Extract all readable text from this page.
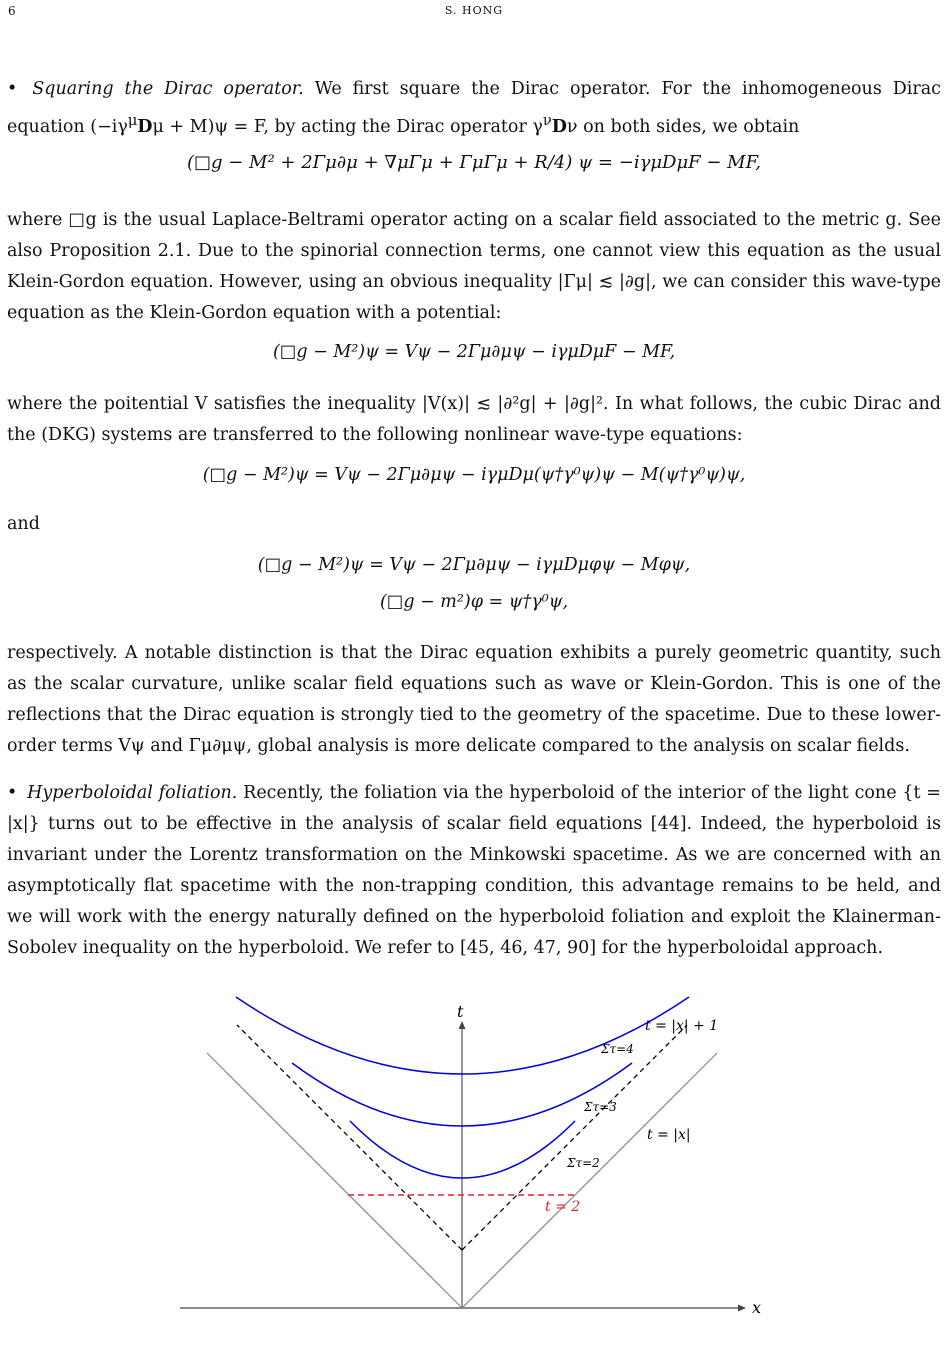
6	S. HONG

• Squaring the Dirac operator. We first square the Dirac operator. For the inhomogeneous Dirac equation $(-i\gamma^\mu D\mu + M)\psi = F$, by acting the Dirac operator $\gamma^\nu D\nu$ on both sides, we obtain

(□g − M² + 2Γμ∂μ + ∇μΓμ + ΓμΓμ + R/4) ψ = −iγμDμF − MF,

where □g is the usual Laplace-Beltrami operator acting on a scalar field associated to the metric g. See also Proposition 2.1. Due to the spinorial connection terms, one cannot view this equation as the usual Klein-Gordon equation. However, using an obvious inequality |Γμ| ≲ |∂g|, we can consider this wave-type equation as the Klein-Gordon equation with a potential:

(□g − M²)ψ = Vψ − 2Γμ∂μψ − iγμDμF − MF,

where the poitential V satisfies the inequality |V(x)| ≲ |∂²g| + |∂g|². In what follows, the cubic Dirac and the (DKG) systems are transferred to the following nonlinear wave-type equations:

(□g − M²)ψ = Vψ − 2Γμ∂μψ − iγμDμ(ψ†γ⁰ψ)ψ − M(ψ†γ⁰ψ)ψ,

and

(□g − M²)ψ = Vψ − 2Γμ∂μψ − iγμDμφψ − Mφψ,

(□g − m²)φ = ψ†γ⁰ψ,

respectively. A notable distinction is that the Dirac equation exhibits a purely geometric quantity, such as the scalar curvature, unlike scalar field equations such as wave or Klein-Gordon. This is one of the reflections that the Dirac equation is strongly tied to the geometry of the spacetime. Due to these lower-order terms Vψ and Γμ∂μψ, global analysis is more delicate compared to the analysis on scalar fields.

• Hyperboloidal foliation. Recently, the foliation via the hyperboloid of the interior of the light cone {t = |x|} turns out to be effective in the analysis of scalar field equations [44]. Indeed, the hyperboloid is invariant under the Lorentz transformation on the Minkowski spacetime. As we are concerned with an asymptotically flat spacetime with the non-trapping condition, this advantage remains to be held, and we will work with the energy naturally defined on the hyperboloid foliation and exploit the Klainerman-Sobolev inequality on the hyperboloid. We refer to [45, 46, 47, 90] for the hyperboloidal approach.

x
t
t = |x|
t = |x| + 1
Στ=4
Στ=3
Στ=2
t = 2
